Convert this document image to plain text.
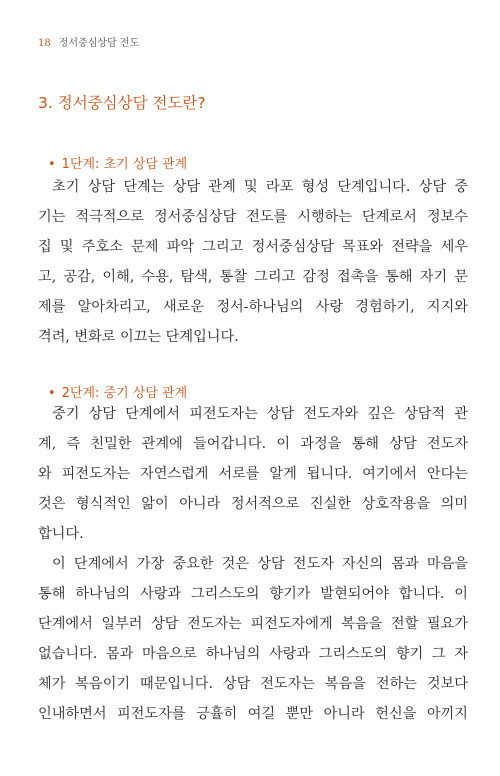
18 정서중심상담 전도
3. 정서중심상담 전도란?
• 1단계: 초기 상담 관계
초기 상담 단계는 상담 관계 및 라포 형성 단계입니다. 상담 중
기는 적극적으로 정서중심상담 전도를 시행하는 단계로서 정보수
집 및 주호소 문제 파악 그리고 정서중심상담 목표와 전략을 세우
고, 공감, 이해, 수용, 탐색, 통찰 그리고 감정 접촉을 통해 자기 문
제를 알아차리고, 새로운 정서-하나님의 사랑 경험하기, 지지와
격려, 변화로 이끄는 단계입니다.
• 2단계: 중기 상담 관계
중기 상담 단계에서 피전도자는 상담 전도자와 깊은 상담적 관
계, 즉 친밀한 관계에 들어갑니다. 이 과정을 통해 상담 전도자
와 피전도자는 자연스럽게 서로를 알게 됩니다. 여기에서 안다는
것은 형식적인 앎이 아니라 정서적으로 진실한 상호작용을 의미
합니다.
이 단계에서 가장 중요한 것은 상담 전도자 자신의 몸과 마음을
통해 하나님의 사랑과 그리스도의 향기가 발현되어야 합니다. 이
단계에서 일부러 상담 전도자는 피전도자에게 복음을 전할 필요가
없습니다. 몸과 마음으로 하나님의 사랑과 그리스도의 향기 그 자
체가 복음이기 때문입니다. 상담 전도자는 복음을 전하는 것보다
인내하면서 피전도자를 긍휼히 여길 뿐만 아니라 헌신을 아끼지
